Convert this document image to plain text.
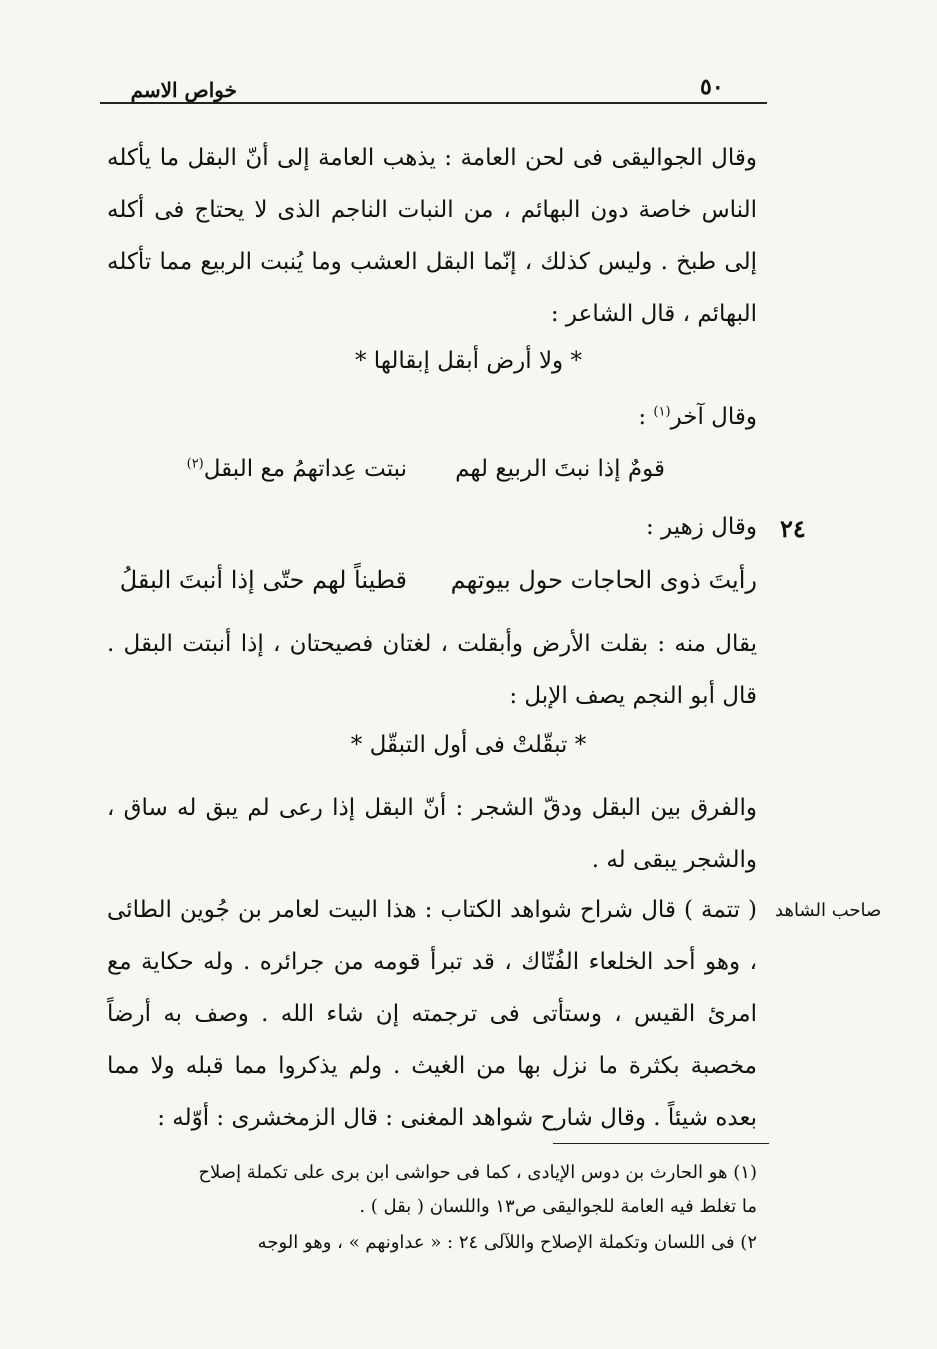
خواص الاسم	٥٠
وقال الجواليقى فى لحن العامة : يذهب العامة إلى أنّ البقل ما يأكله الناس خاصة دون البهائم ، من النبات الناجم الذى لا يحتاج فى أكله إلى طبخ . وليس كذلك ، إنّما البقل العشب وما يُنبت الربيع مما تأكله البهائم ، قال الشاعر :
* ولا أرض أبقل إبقالها *
وقال آخر$^{(١)}$ :
قومٌ إذا نبتَ الربيع لهم
نبتت عِداتهمُ مع البقل$^{(٢)}$
٢٤
وقال زهير :
رأيتَ ذوى الحاجات حول بيوتهم
قطيناً لهم حتّى إذا أنبتَ البقلُ
يقال منه : بقلت الأرض وأبقلت ، لغتان فصيحتان ، إذا أنبتت البقل . قال أبو النجم يصف الإبل :
* تبقّلتْ فى أول التبقّل *
والفرق بين البقل ودقّ الشجر : أنّ البقل إذا رعى لم يبق له ساق ، والشجر يبقى له .
صاحب الشاهد
( تتمة ) قال شراح شواهد الكتاب : هذا البيت لعامر بن جُوين الطائى ، وهو أحد الخلعاء الفُتّاك ، قد تبرأ قومه من جرائره . وله حكاية مع امرئ القيس ، وستأتى فى ترجمته إن شاء الله . وصف به أرضاً مخصبة بكثرة ما نزل بها من الغيث . ولم يذكروا مما قبله ولا مما بعده شيئاً . وقال شارح شواهد المغنى : قال الزمخشرى : أوّله :
(١) هو الحارث بن دوس الإيادى ، كما فى حواشى ابن برى على تكملة إصلاح
ما تغلط فيه العامة للجواليقى ص١٣ واللسان ( بقل ) .
٢) فى اللسان وتكملة الإصلاح واللآلى ٢٤ : « عداونهم » ، وهو الوجه
